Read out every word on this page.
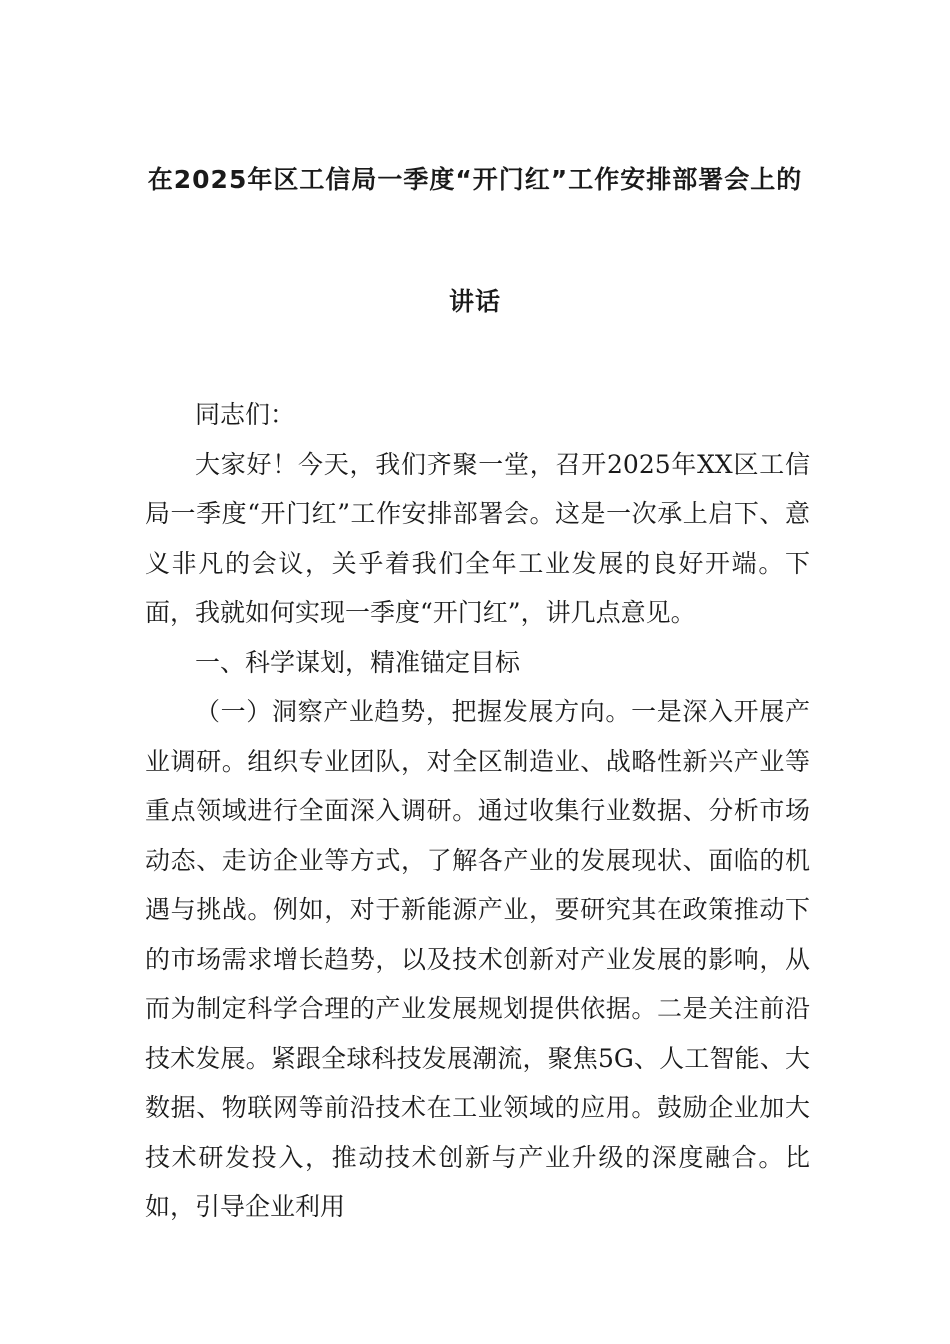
在2025年区工信局一季度“开门红”工作安排部署会上的
讲话

同志们：

大家好！今天，我们齐聚一堂，召开2025年XX区工信局一季度“开门红”工作安排部署会。这是一次承上启下、意义非凡的会议，关乎着我们全年工业发展的良好开端。下面，我就如何实现一季度“开门红”，讲几点意见。

一、科学谋划，精准锚定目标

（一）洞察产业趋势，把握发展方向。一是深入开展产业调研。组织专业团队，对全区制造业、战略性新兴产业等重点领域进行全面深入调研。通过收集行业数据、分析市场动态、走访企业等方式，了解各产业的发展现状、面临的机遇与挑战。例如，对于新能源产业，要研究其在政策推动下的市场需求增长趋势，以及技术创新对产业发展的影响，从而为制定科学合理的产业发展规划提供依据。二是关注前沿技术发展。紧跟全球科技发展潮流，聚焦5G、人工智能、大数据、物联网等前沿技术在工业领域的应用。鼓励企业加大技术研发投入，推动技术创新与产业升级的深度融合。比如，引导企业利用
